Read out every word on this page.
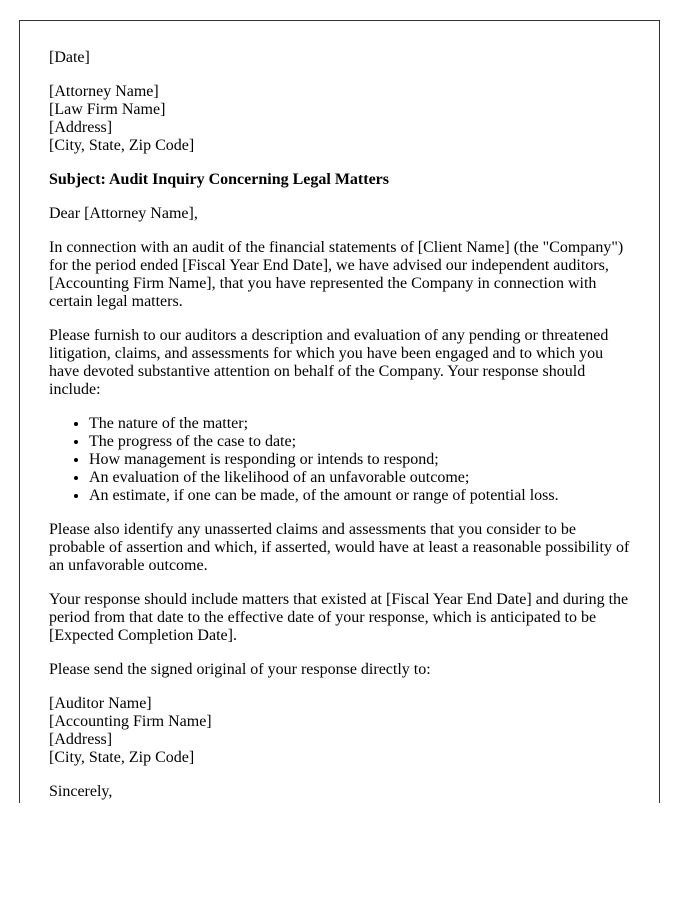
[Date]

[Attorney Name]
[Law Firm Name]
[Address]
[City, State, Zip Code]

Subject: Audit Inquiry Concerning Legal Matters

Dear [Attorney Name],

In connection with an audit of the financial statements of [Client Name] (the "Company") for the period ended [Fiscal Year End Date], we have advised our independent auditors, [Accounting Firm Name], that you have represented the Company in connection with certain legal matters.

Please furnish to our auditors a description and evaluation of any pending or threatened litigation, claims, and assessments for which you have been engaged and to which you have devoted substantive attention on behalf of the Company. Your response should include:

• The nature of the matter;
• The progress of the case to date;
• How management is responding or intends to respond;
• An evaluation of the likelihood of an unfavorable outcome;
• An estimate, if one can be made, of the amount or range of potential loss.

Please also identify any unasserted claims and assessments that you consider to be probable of assertion and which, if asserted, would have at least a reasonable possibility of an unfavorable outcome.

Your response should include matters that existed at [Fiscal Year End Date] and during the period from that date to the effective date of your response, which is anticipated to be [Expected Completion Date].

Please send the signed original of your response directly to:

[Auditor Name]
[Accounting Firm Name]
[Address]
[City, State, Zip Code]

Sincerely,
